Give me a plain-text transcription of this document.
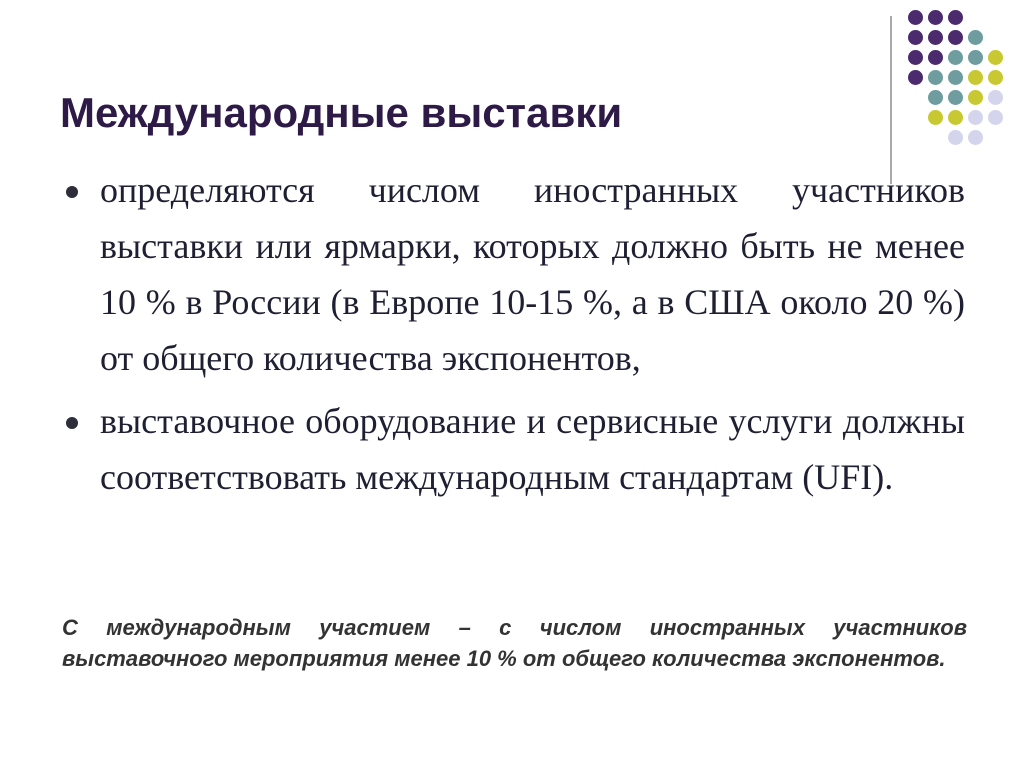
Международные выставки
определяются числом иностранных участников выставки или ярмарки, которых должно быть не менее 10 % в России (в Европе 10-15 %, а в США около 20 %) от общего количества экспонентов,
выставочное оборудование и сервисные услуги должны соответствовать международным стандартам (UFI).

С международным участием – с числом иностранных участников выставочного мероприятия менее 10 % от общего количества экспонентов.
